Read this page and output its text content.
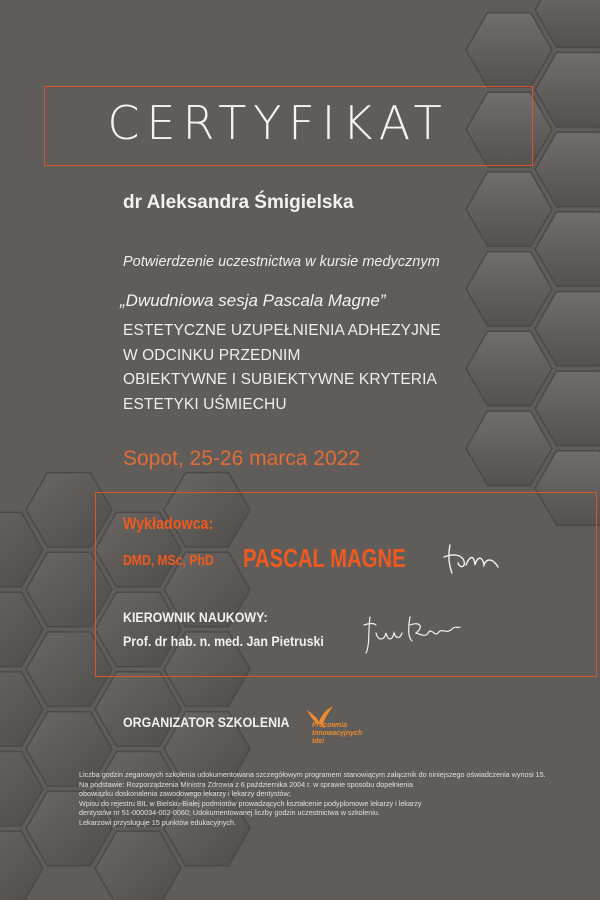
CERTYFIKAT
dr Aleksandra Śmigielska
Potwierdzenie uczestnictwa w kursie medycznym
„Dwudniowa sesja Pascala Magne”
ESTETYCZNE UZUPEŁNIENIA ADHEZYJNE
W ODCINKU PRZEDNIM
OBIEKTYWNE I SUBIEKTYWNE KRYTERIA
ESTETYKI UŚMIECHU
Sopot, 25-26 marca 2022
Wykładowca:
DMD, MSc, PhD PASCAL MAGNE
KIEROWNIK NAUKOWY:
Prof. dr hab. n. med. Jan Pietruski
ORGANIZATOR SZKOLENIA	Pracownia
Innowacyjnych
Idei
Liczba godzin zegarowych szkolenia udokumentowana szczegółowym programem stanowiącym załącznik do niniejszego oświadczenia wynosi 15.
Na podstawie: Rozporządzenia Ministra Zdrowia z 6 października 2004 r. w sprawie sposobu dopełnienia
obowiązku doskonalenia zawodowego lekarzy i lekarzy dentystów;
Wpisu do rejestru BIL w Bielsku-Białej podmiotów prowadzących kształcenie podyplomowe lekarzy i lekarzy
dentystów nr 51-000034-002-0060; Udokumentowanej liczby godzin uczestnictwa w szkoleniu.
Lekarzowi przysługuje 15 punktów edukacyjnych.
